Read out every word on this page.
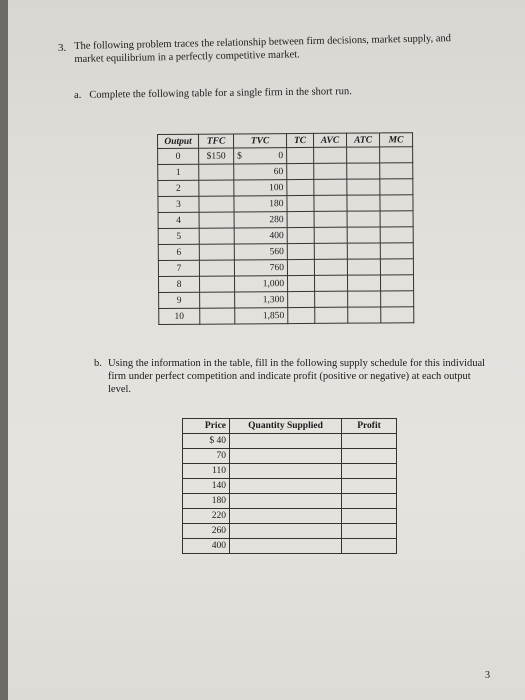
3. The following problem traces the relationship between firm decisions, market supply, and market equilibrium in a perfectly competitive market.
a. Complete the following table for a single firm in the short run.
Output	TFC	TVC	TC	AVC	ATC	MC
0	$150	$ 0				

1		60				

2		100				

3		180				

4		280				

5		400				

6		560				

7		760				

8		1,000				

9		1,300				

10		1,850				

b. Using the information in the table, fill in the following supply schedule for this individual firm under perfect competition and indicate profit (positive or negative) at each output level.
Price	Quantity Supplied	Profit
$ 40		
70		
110		
140		
180		
220		
260		
400		
3
